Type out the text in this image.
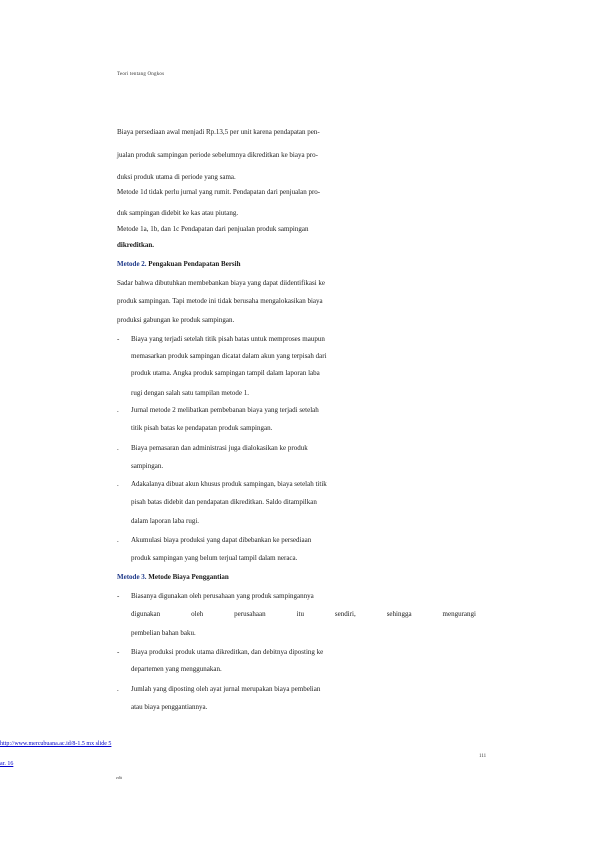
Teori tentang Ongkos
Biaya persediaan awal menjadi Rp.13,5 per unit karena pendapatan pen-
jualan produk sampingan periode sebelumnya dikreditkan ke biaya pro-
duksi produk utama di periode yang sama.
Metode 1d tidak perlu jurnal yang rumit. Pendapatan dari penjualan pro-
duk sampingan didebit ke kas atau piutang.
Metode 1a, 1b, dan 1c Pendapatan dari penjualan produk sampingan
dikreditkan.
Metode 2. Pengakuan Pendapatan Bersih
Sadar bahwa dibutuhkan membebankan biaya yang dapat diidentifikasi ke
produk sampingan. Tapi metode ini tidak berusaha mengalokasikan biaya
produksi gabungan ke produk sampingan.
- Biaya yang terjadi setelah titik pisah batas untuk memproses maupun
memasarkan produk sampingan dicatat dalam akun yang terpisah dari
produk utama. Angka produk sampingan tampil dalam laporan laba
rugi dengan salah satu tampilan metode 1.
. Jurnal metode 2 melibatkan pembebanan biaya yang terjadi setelah
titik pisah batas ke pendapatan produk sampingan.
. Biaya pemasaran dan administrasi juga dialokasikan ke produk
sampingan.
. Adakalanya dibuat akun khusus produk sampingan, biaya setelah titik
pisah batas didebit dan pendapatan dikreditkan. Saldo ditampilkan
dalam laporan laba rugi.
. Akumulasi biaya produksi yang dapat dibebankan ke persediaan
produk sampingan yang belum terjual tampil dalam neraca.
Metode 3. Metode Biaya Penggantian
- Biasanya digunakan oleh perusahaan yang produk sampingannya
digunakan	oleh	perusahaan	itu	sendiri,	sehingga	mengurangi
pembelian bahan baku.
- Biaya produksi produk utama dikreditkan, dan debitnya diposting ke
departemen yang menggunakan.
. Jumlah yang diposting oleh ayat jurnal merupakan biaya pembelian
atau biaya penggantiannya.
http://www.mercubuana.ac.id/8-1.5 mx slide 5
ar. 16
111
edit
